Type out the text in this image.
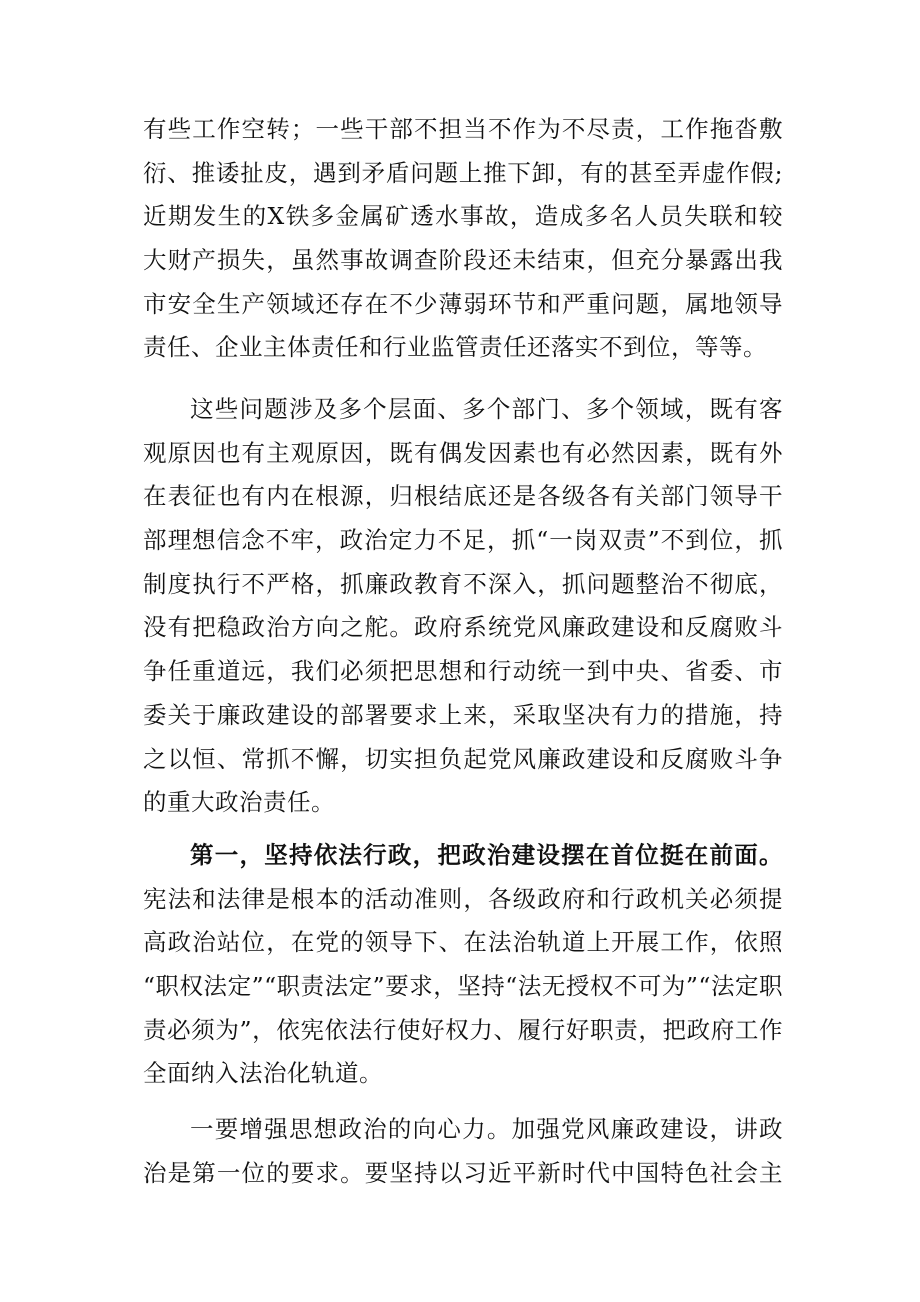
有些工作空转；一些干部不担当不作为不尽责，工作拖沓敷
衍、推诿扯皮，遇到矛盾问题上推下卸，有的甚至弄虚作假;
近期发生的X铁多金属矿透水事故，造成多名人员失联和较
大财产损失，虽然事故调查阶段还未结束，但充分暴露出我
市安全生产领域还存在不少薄弱环节和严重问题，属地领导
责任、企业主体责任和行业监管责任还落实不到位，等等。
这些问题涉及多个层面、多个部门、多个领域，既有客
观原因也有主观原因，既有偶发因素也有必然因素，既有外
在表征也有内在根源，归根结底还是各级各有关部门领导干
部理想信念不牢，政治定力不足，抓“一岗双责”不到位，抓
制度执行不严格，抓廉政教育不深入，抓问题整治不彻底，
没有把稳政治方向之舵。政府系统党风廉政建设和反腐败斗
争任重道远，我们必须把思想和行动统一到中央、省委、市
委关于廉政建设的部署要求上来，采取坚决有力的措施，持
之以恒、常抓不懈，切实担负起党风廉政建设和反腐败斗争
的重大政治责任。
第一，坚持依法行政，把政治建设摆在首位挺在前面。
宪法和法律是根本的活动准则，各级政府和行政机关必须提
高政治站位，在党的领导下、在法治轨道上开展工作，依照
“职权法定”“职责法定”要求，坚持“法无授权不可为”“法定职
责必须为”，依宪依法行使好权力、履行好职责，把政府工作
全面纳入法治化轨道。
一要增强思想政治的向心力。加强党风廉政建设，讲政
治是第一位的要求。要坚持以习近平新时代中国特色社会主
